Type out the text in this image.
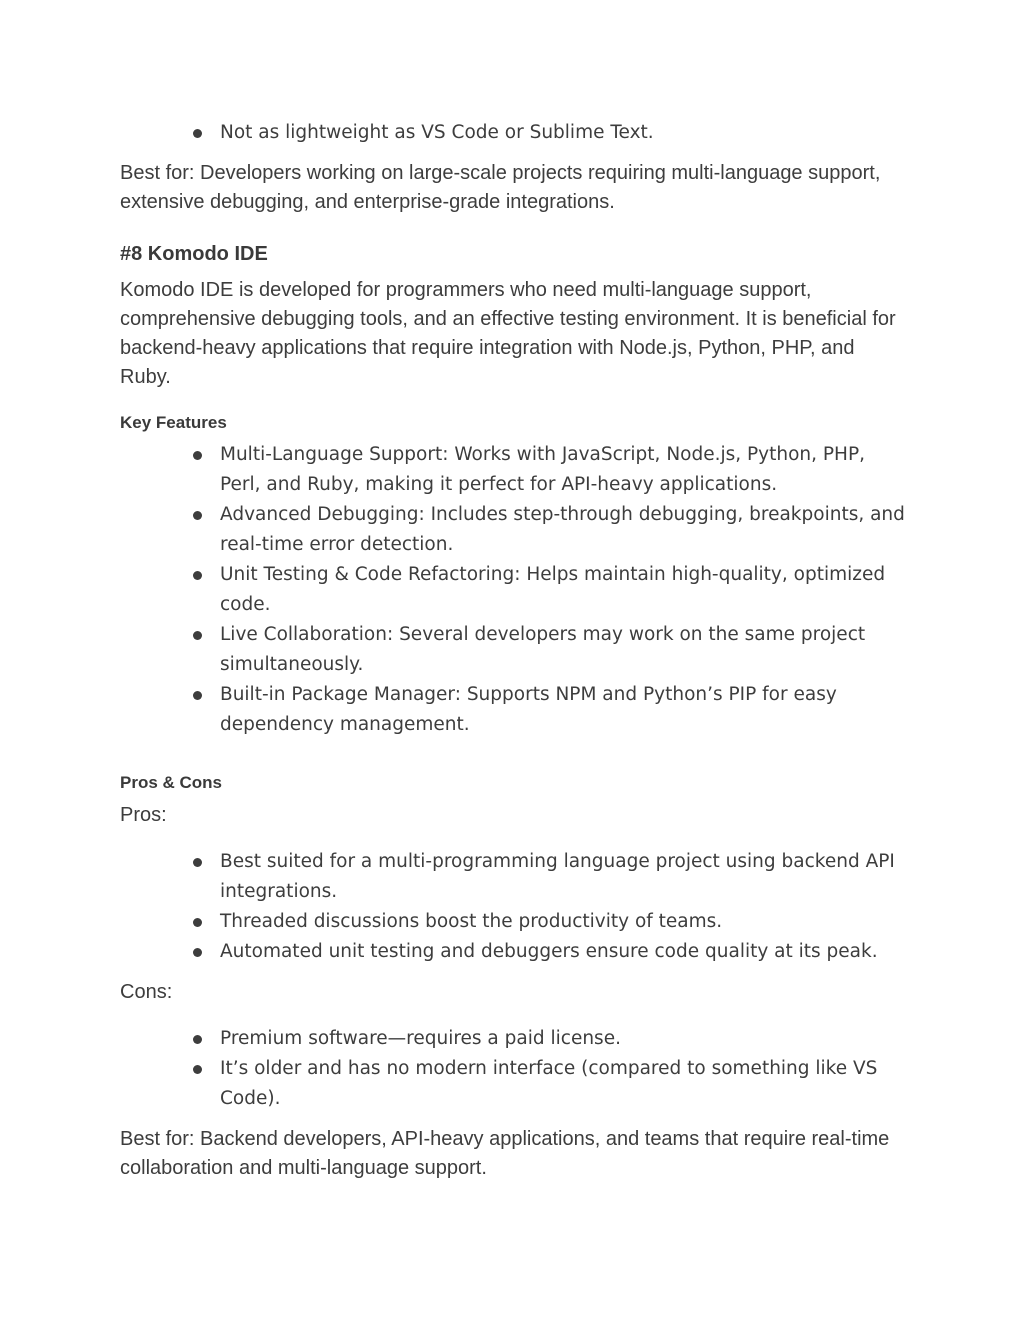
Not as lightweight as VS Code or Sublime Text.

Best for: Developers working on large-scale projects requiring multi-language support, extensive debugging, and enterprise-grade integrations.

#8 Komodo IDE

Komodo IDE is developed for programmers who need multi-language support, comprehensive debugging tools, and an effective testing environment. It is beneficial for backend-heavy applications that require integration with Node.js, Python, PHP, and Ruby.

Key Features
Multi-Language Support: Works with JavaScript, Node.js, Python, PHP, Perl, and Ruby, making it perfect for API-heavy applications.
Advanced Debugging: Includes step-through debugging, breakpoints, and real-time error detection.
Unit Testing & Code Refactoring: Helps maintain high-quality, optimized code.
Live Collaboration: Several developers may work on the same project simultaneously.
Built-in Package Manager: Supports NPM and Python’s PIP for easy dependency management.
Pros & Cons

Pros:

Best suited for a multi-programming language project using backend API integrations.
Threaded discussions boost the productivity of teams.
Automated unit testing and debuggers ensure code quality at its peak.

Cons:

Premium software—requires a paid license.
It’s older and has no modern interface (compared to something like VS Code).

Best for: Backend developers, API-heavy applications, and teams that require real-time collaboration and multi-language support.
